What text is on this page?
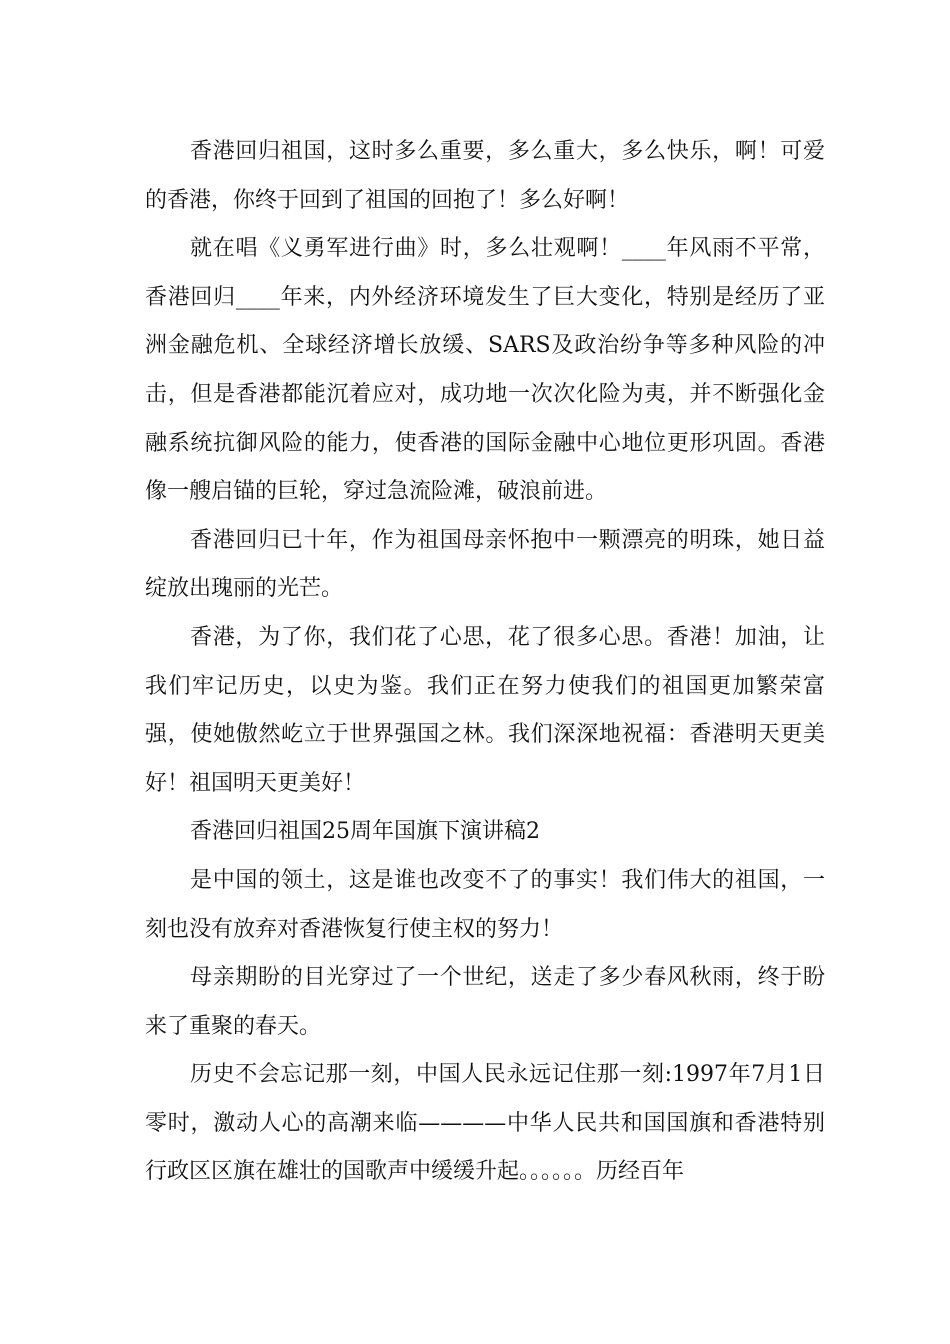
香港回归祖国，这时多么重要，多么重大，多么快乐，啊！可爱的香港，你终于回到了祖国的回抱了！多么好啊！

就在唱《义勇军进行曲》时，多么壮观啊！____年风雨不平常，香港回归____年来，内外经济环境发生了巨大变化，特别是经历了亚洲金融危机、全球经济增长放缓、SARS及政治纷争等多种风险的冲击，但是香港都能沉着应对，成功地一次次化险为夷，并不断强化金融系统抗御风险的能力，使香港的国际金融中心地位更形巩固。香港像一艘启锚的巨轮，穿过急流险滩，破浪前进。

香港回归已十年，作为祖国母亲怀抱中一颗漂亮的明珠，她日益绽放出瑰丽的光芒。

香港，为了你，我们花了心思，花了很多心思。香港！加油，让我们牢记历史，以史为鉴。我们正在努力使我们的祖国更加繁荣富强，使她傲然屹立于世界强国之林。我们深深地祝福：香港明天更美好！祖国明天更美好！

香港回归祖国25周年国旗下演讲稿2

是中国的领土，这是谁也改变不了的事实！我们伟大的祖国，一刻也没有放弃对香港恢复行使主权的努力！

母亲期盼的目光穿过了一个世纪，送走了多少春风秋雨，终于盼来了重聚的春天。

历史不会忘记那一刻，中国人民永远记住那一刻:1997年7月1日零时，激动人心的高潮来临————中华人民共和国国旗和香港特别行政区区旗在雄壮的国歌声中缓缓升起。。。。。。历经百年
